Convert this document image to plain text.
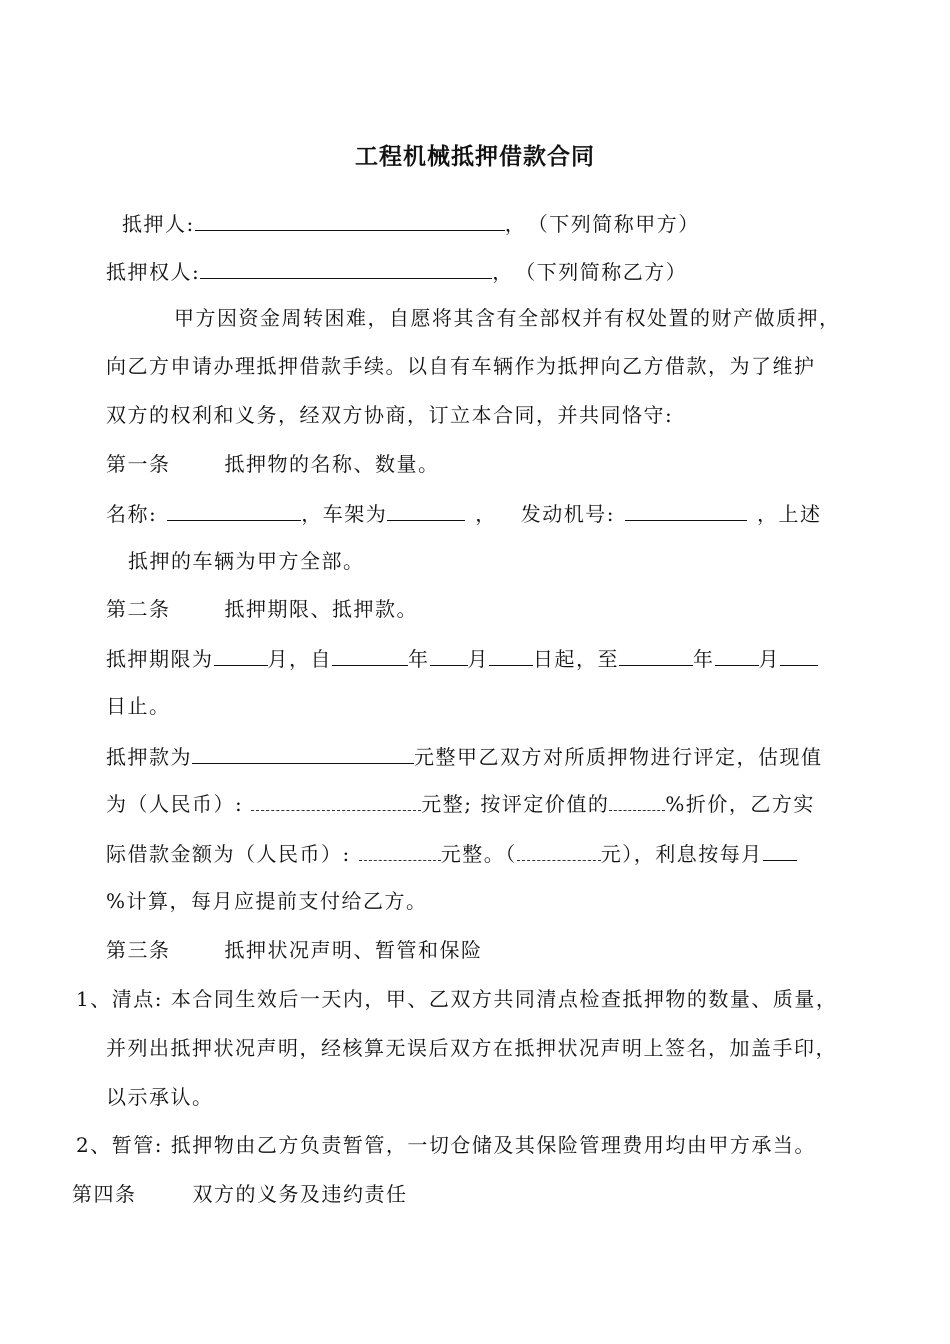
工程机械抵押借款合同
抵押人:	，　（下列简称甲方）
抵押权人:	，　（下列简称乙方）
甲方因资金周转困难，自愿将其含有全部权并有权处置的财产做质押，
向乙方申请办理抵押借款手续。以自有车辆作为抵押向乙方借款，为了维护
双方的权利和义务，经双方协商，订立本合同，并共同恪守:
第一条	抵押物的名称、数量。
名称:	，车架为	， 发动机号:	，上述
抵押的车辆为甲方全部。
第二条	抵押期限、抵押款。
抵押期限为	月，自	年 月 日起，至	年 月
日止。
抵押款为	元整甲乙双方对所质押物进行评定，估现值
为（人民币）:	元整; 按评定价值的	%折价，乙方实
际借款金额为（人民币）:	元整。（	元），利息按每月
%计算，每月应提前支付给乙方。
第三条	抵押状况声明、暂管和保险
1、清点: 本合同生效后一天内，甲、乙双方共同清点检查抵押物的数量、质量，
并列出抵押状况声明，经核算无误后双方在抵押状况声明上签名，加盖手印，
以示承认。
2、暂管: 抵押物由乙方负责暂管，一切仓储及其保险管理费用均由甲方承当。
第四条	双方的义务及违约责任
